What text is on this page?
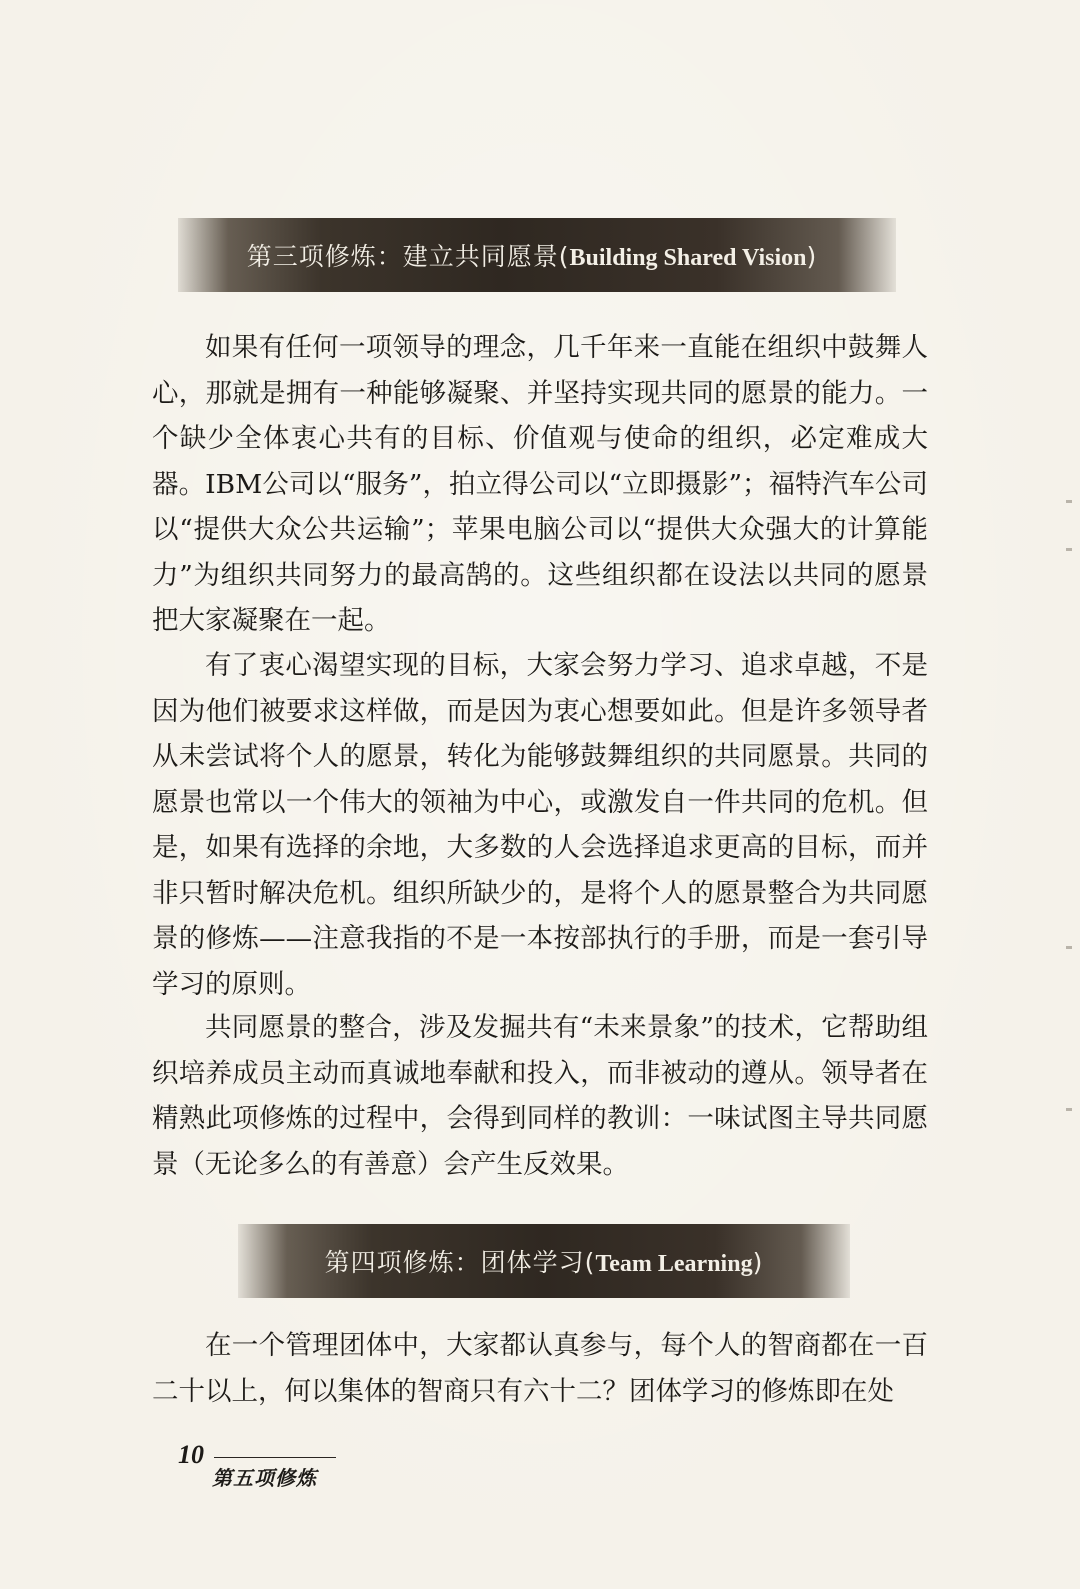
第三项修炼：建立共同愿景(Building Shared Vision)

如果有任何一项领导的理念，几千年来一直能在组织中鼓舞人心，那就是拥有一种能够凝聚、并坚持实现共同的愿景的能力。一个缺少全体衷心共有的目标、价值观与使命的组织，必定难成大器。IBM公司以“服务”，拍立得公司以“立即摄影”；福特汽车公司以“提供大众公共运输”；苹果电脑公司以“提供大众强大的计算能力”为组织共同努力的最高鹄的。这些组织都在设法以共同的愿景把大家凝聚在一起。

有了衷心渴望实现的目标，大家会努力学习、追求卓越，不是因为他们被要求这样做，而是因为衷心想要如此。但是许多领导者从未尝试将个人的愿景，转化为能够鼓舞组织的共同愿景。共同的愿景也常以一个伟大的领袖为中心，或激发自一件共同的危机。但是，如果有选择的余地，大多数的人会选择追求更高的目标，而并非只暂时解决危机。组织所缺少的，是将个人的愿景整合为共同愿景的修炼——注意我指的不是一本按部执行的手册，而是一套引导学习的原则。

共同愿景的整合，涉及发掘共有“未来景象”的技术，它帮助组织培养成员主动而真诚地奉献和投入，而非被动的遵从。领导者在精熟此项修炼的过程中，会得到同样的教训：一味试图主导共同愿景（无论多么的有善意）会产生反效果。

第四项修炼：团体学习(Team Learning)

在一个管理团体中，大家都认真参与，每个人的智商都在一百二十以上，何以集体的智商只有六十二？团体学习的修炼即在处

10
第五项修炼
